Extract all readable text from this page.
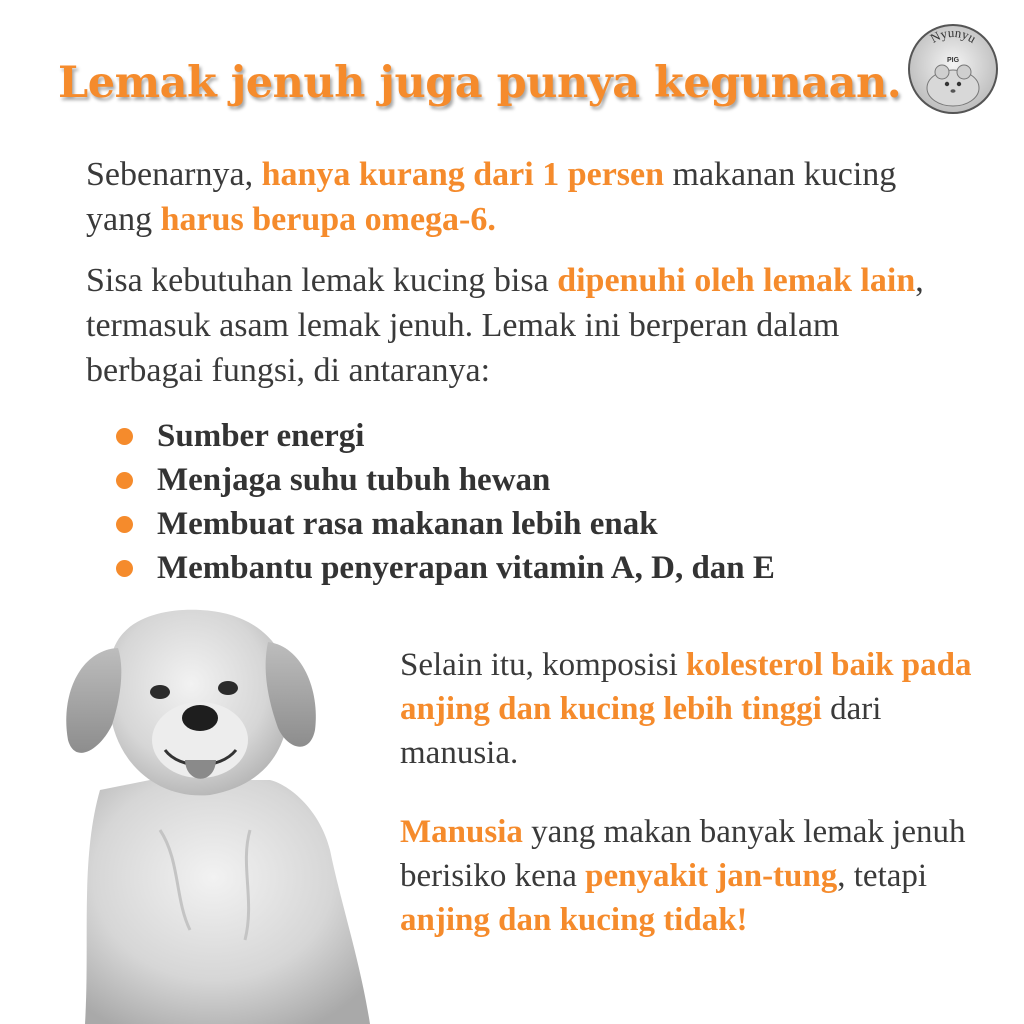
Lemak jenuh juga punya kegunaan.
Nyunyu
PIG

Sebenarnya, hanya kurang dari 1 persen makanan kucing yang harus berupa omega-6.

Sisa kebutuhan lemak kucing bisa dipenuhi oleh lemak lain, termasuk asam lemak jenuh. Lemak ini berperan dalam berbagai fungsi, di antaranya:

Sumber energi
Menjaga suhu tubuh hewan
Membuat rasa makanan lebih enak
Membantu penyerapan vitamin A, D, dan E

Selain itu, komposisi kolesterol baik pada anjing dan kucing lebih tinggi dari manusia.

Manusia yang makan banyak lemak jenuh berisiko kena penyakit jan-tung, tetapi anjing dan kucing tidak!
